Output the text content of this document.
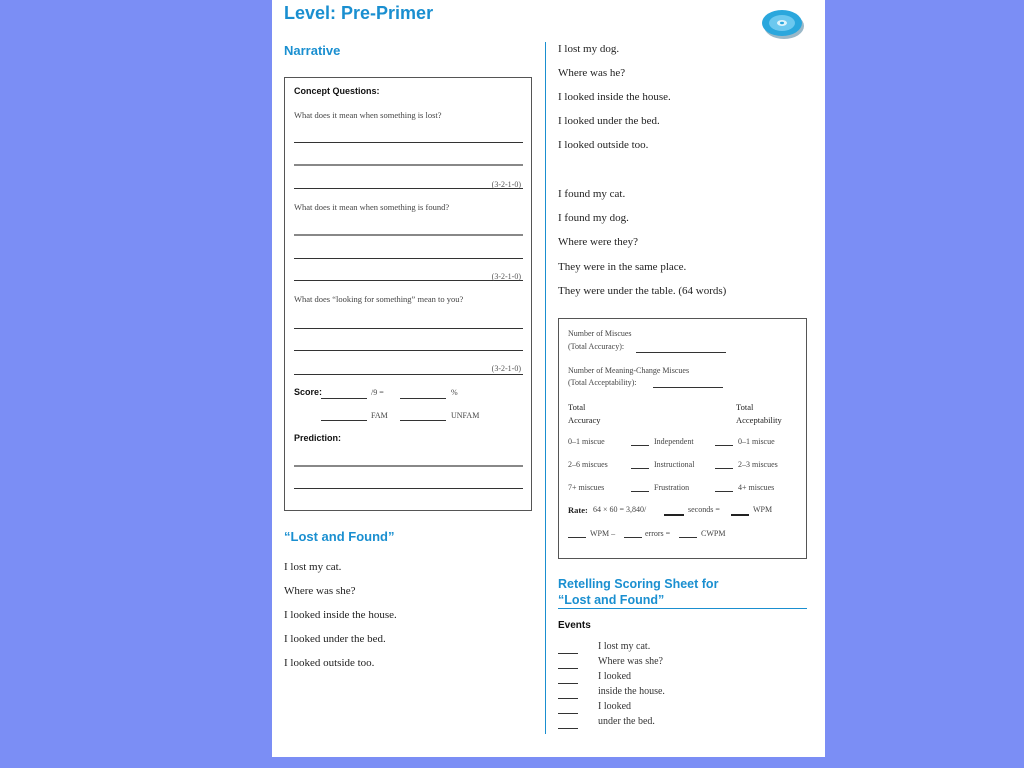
Level: Pre-Primer
Narrative
Concept Questions:
What does it mean when something is lost?
(3-2-1-0)
What does it mean when something is found?
(3-2-1-0)
What does “looking for something” mean to you?
(3-2-1-0)
Score:	/9 =	%
FAM	UNFAM
Prediction:
“Lost and Found”
I lost my cat.
Where was she?
I looked inside the house.
I looked under the bed.
I looked outside too.
I lost my dog.
Where was he?
I looked inside the house.
I looked under the bed.
I looked outside too.
I found my cat.
I found my dog.
Where were they?
They were in the same place.
They were under the table. (64 words)
Number of Miscues
(Total Accuracy):
Number of Meaning-Change Miscues
(Total Acceptability):
Total
Accuracy
Total
Acceptability
0–1 miscue	Independent	0–1 miscue
2–6 miscues	Instructional	2–3 miscues
7+ miscues	Frustration	4+ miscues
Rate: 64 × 60 = 3,840/	seconds =	WPM
WPM –	errors =	CWPM
Retelling Scoring Sheet for
“Lost and Found”
Events
I lost my cat.
Where was she?
I looked
inside the house.
I looked
under the bed.
